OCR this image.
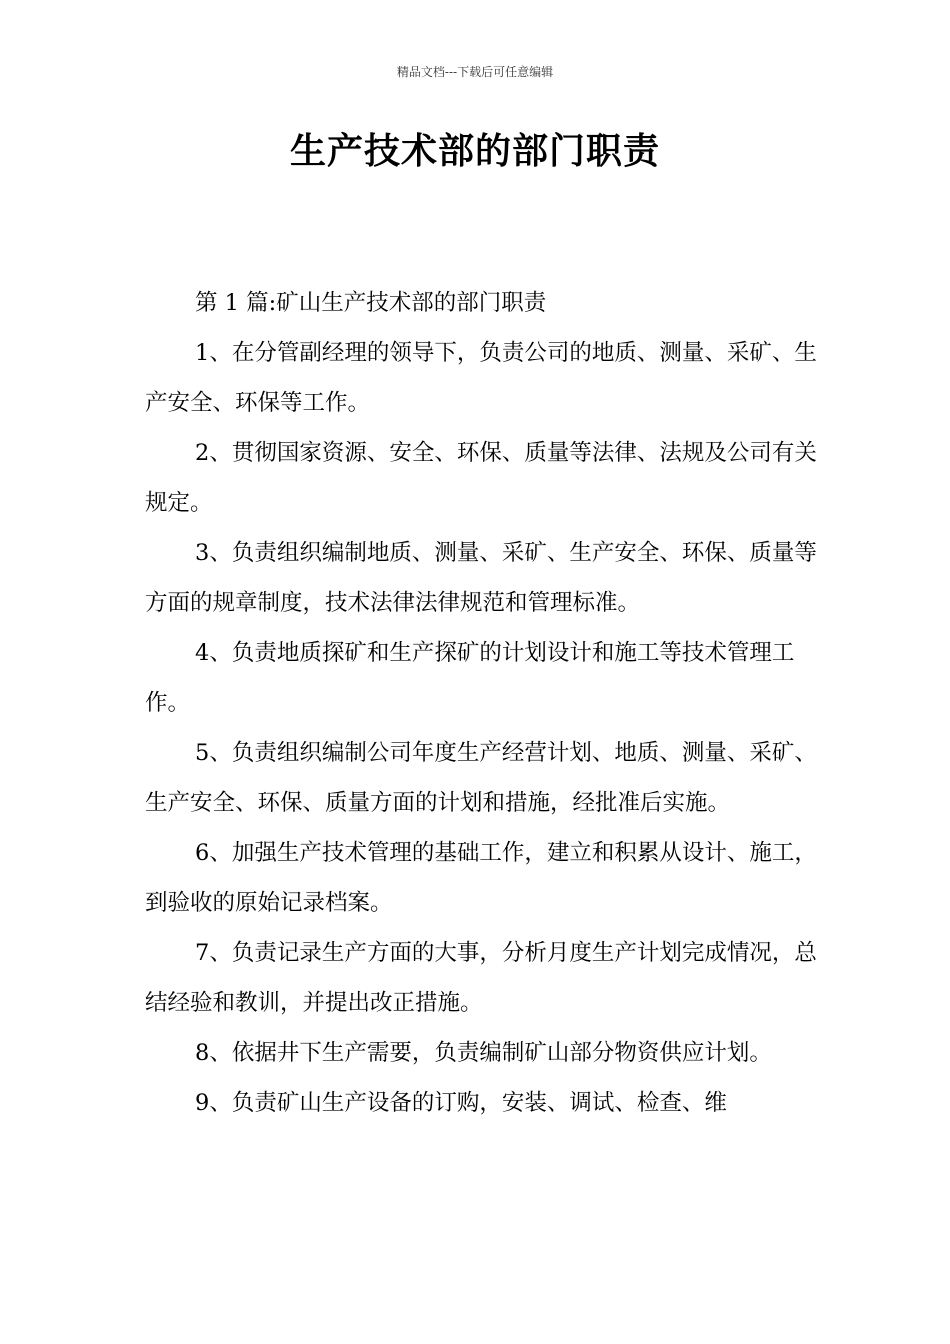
精品文档---下载后可任意编辑
生产技术部的部门职责

第 1 篇:矿山生产技术部的部门职责

1、在分管副经理的领导下，负责公司的地质、测量、采矿、生产安全、环保等工作。

2、贯彻国家资源、安全、环保、质量等法律、法规及公司有关规定。

3、负责组织编制地质、测量、采矿、生产安全、环保、质量等方面的规章制度，技术法律法律规范和管理标准。

4、负责地质探矿和生产探矿的计划设计和施工等技术管理工作。

5、负责组织编制公司年度生产经营计划、地质、测量、采矿、生产安全、环保、质量方面的计划和措施，经批准后实施。

6、加强生产技术管理的基础工作，建立和积累从设计、施工，到验收的原始记录档案。

7、负责记录生产方面的大事，分析月度生产计划完成情况，总结经验和教训，并提出改正措施。

8、依据井下生产需要，负责编制矿山部分物资供应计划。

9、负责矿山生产设备的订购，安装、调试、检查、维
